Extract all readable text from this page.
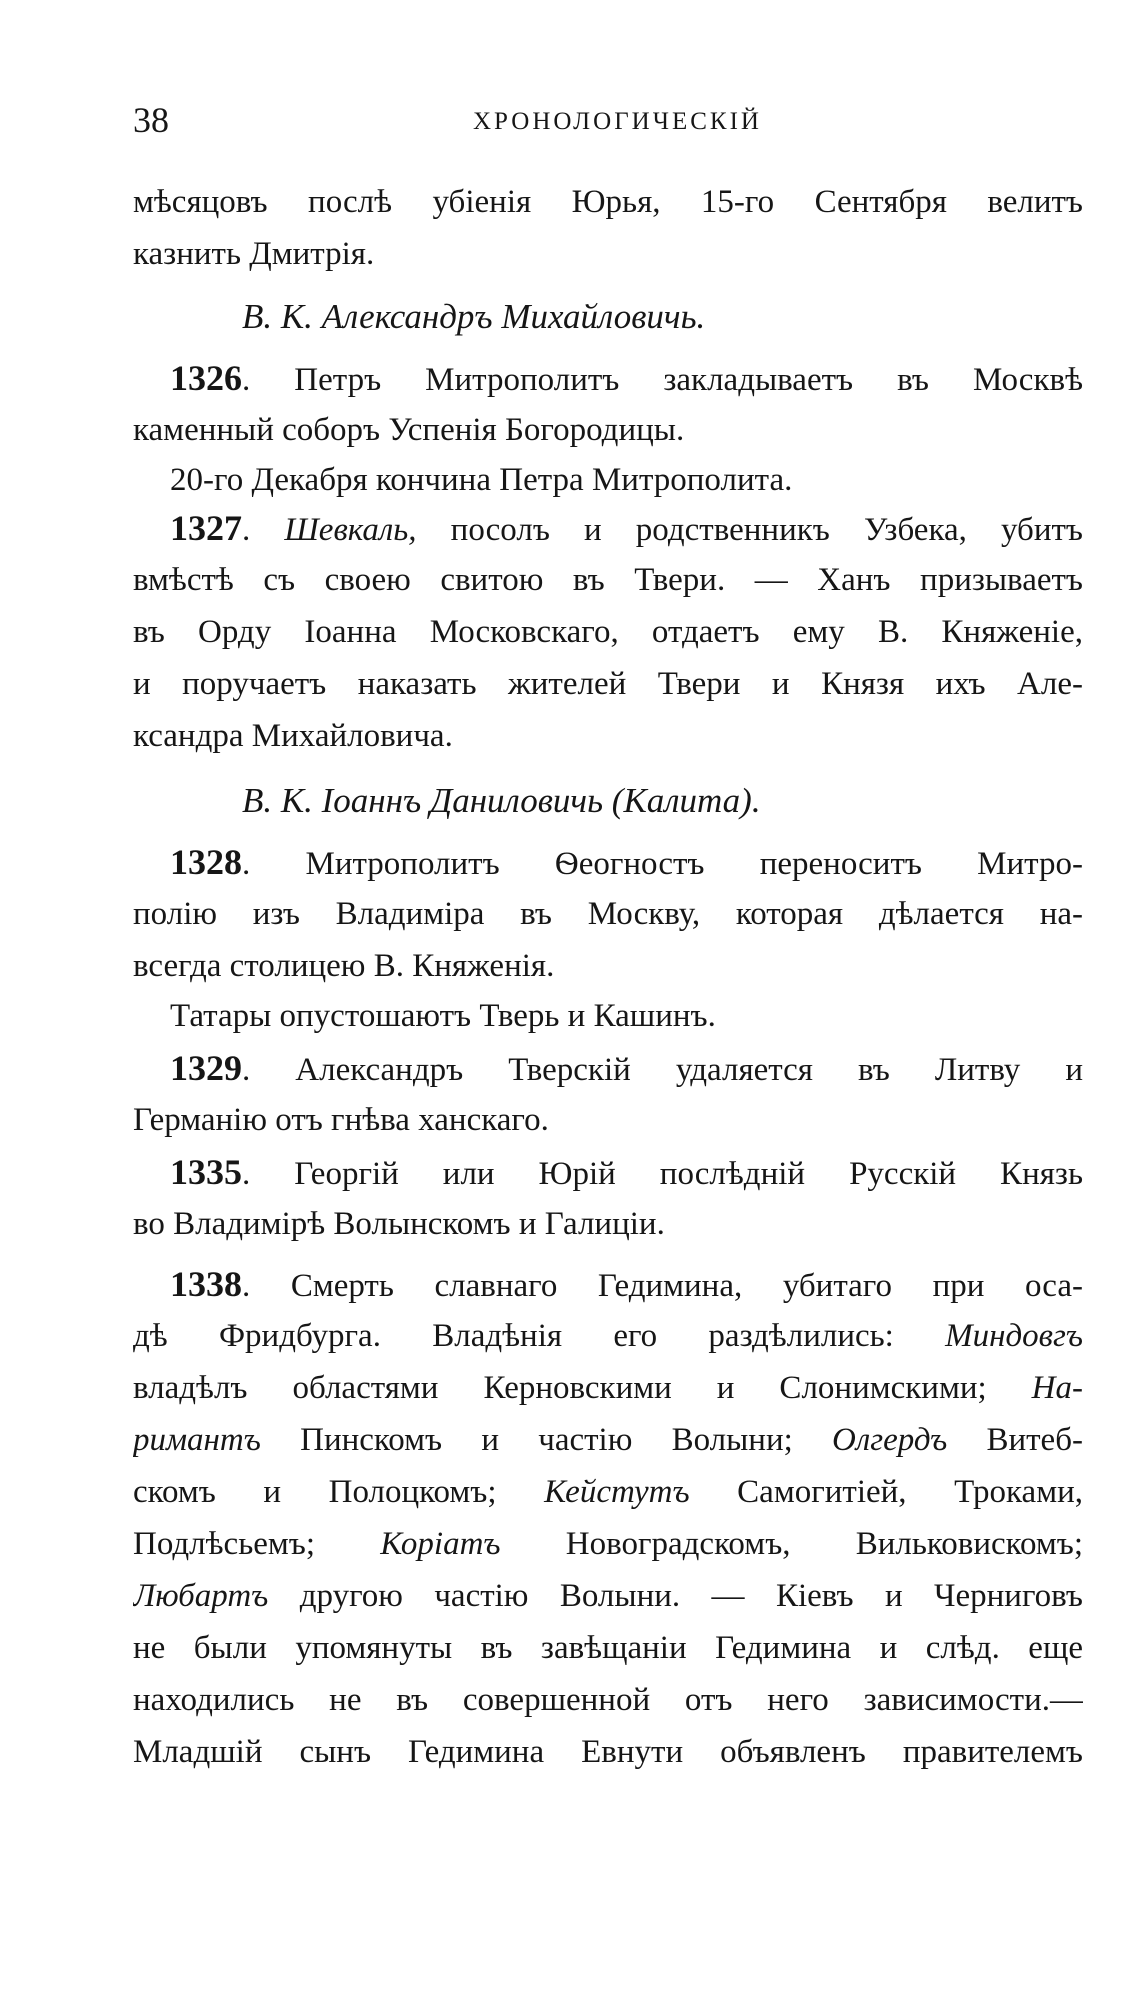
38	ХРОНОЛОГИЧЕСКІЙ
мѣсяцовъ послѣ убіенія Юрья, 15-го Сентября велитъ
казнить Дмитрія.
В. К. Александръ Михайловичь.
1326. Петръ Митрополитъ закладываетъ въ Москвѣ
каменный соборъ Успенія Богородицы.
20-го Декабря кончина Петра Митрополита.
1327. Шевкаль, посолъ и родственникъ Узбека, убитъ
вмѣстѣ съ своею свитою въ Твери. — Ханъ призываетъ
въ Орду Іоанна Московскаго, отдаетъ ему В. Княженіе,
и поручаетъ наказать жителей Твери и Князя ихъ Але-
ксандра Михайловича.
В. К. Іоаннъ Даниловичь (Калита).
1328. Митрополитъ Ѳеогностъ переноситъ Митро-
полію изъ Владиміра въ Москву, которая дѣлается на-
всегда столицею В. Княженія.
Татары опустошаютъ Тверь и Кашинъ.
1329. Александръ Тверскій удаляется въ Литву и
Германію отъ гнѣва ханскаго.
1335. Георгій или Юрій послѣдній Русскій Князь
во Владимірѣ Волынскомъ и Галиціи.
1338. Смерть славнаго Гедимина, убитаго при оса-
дѣ Фридбурга. Владѣнія его раздѣлились: Миндовгъ
владѣлъ областями Керновскими и Слонимскими; На-
римантъ Пинскомъ и частію Волыни; Олгердъ Витеб-
скомъ и Полоцкомъ; Кейстутъ Самогитіей, Троками,
Подлѣсьемъ; Коріатъ Новоградскомъ, Вильковискомъ;
Любартъ другою частію Волыни. — Кіевъ и Черниговъ
не были упомянуты въ завѣщаніи Гедимина и слѣд. еще
находились не въ совершенной отъ него зависимости.—
Младшій сынъ Гедимина Евнути объявленъ правителемъ
